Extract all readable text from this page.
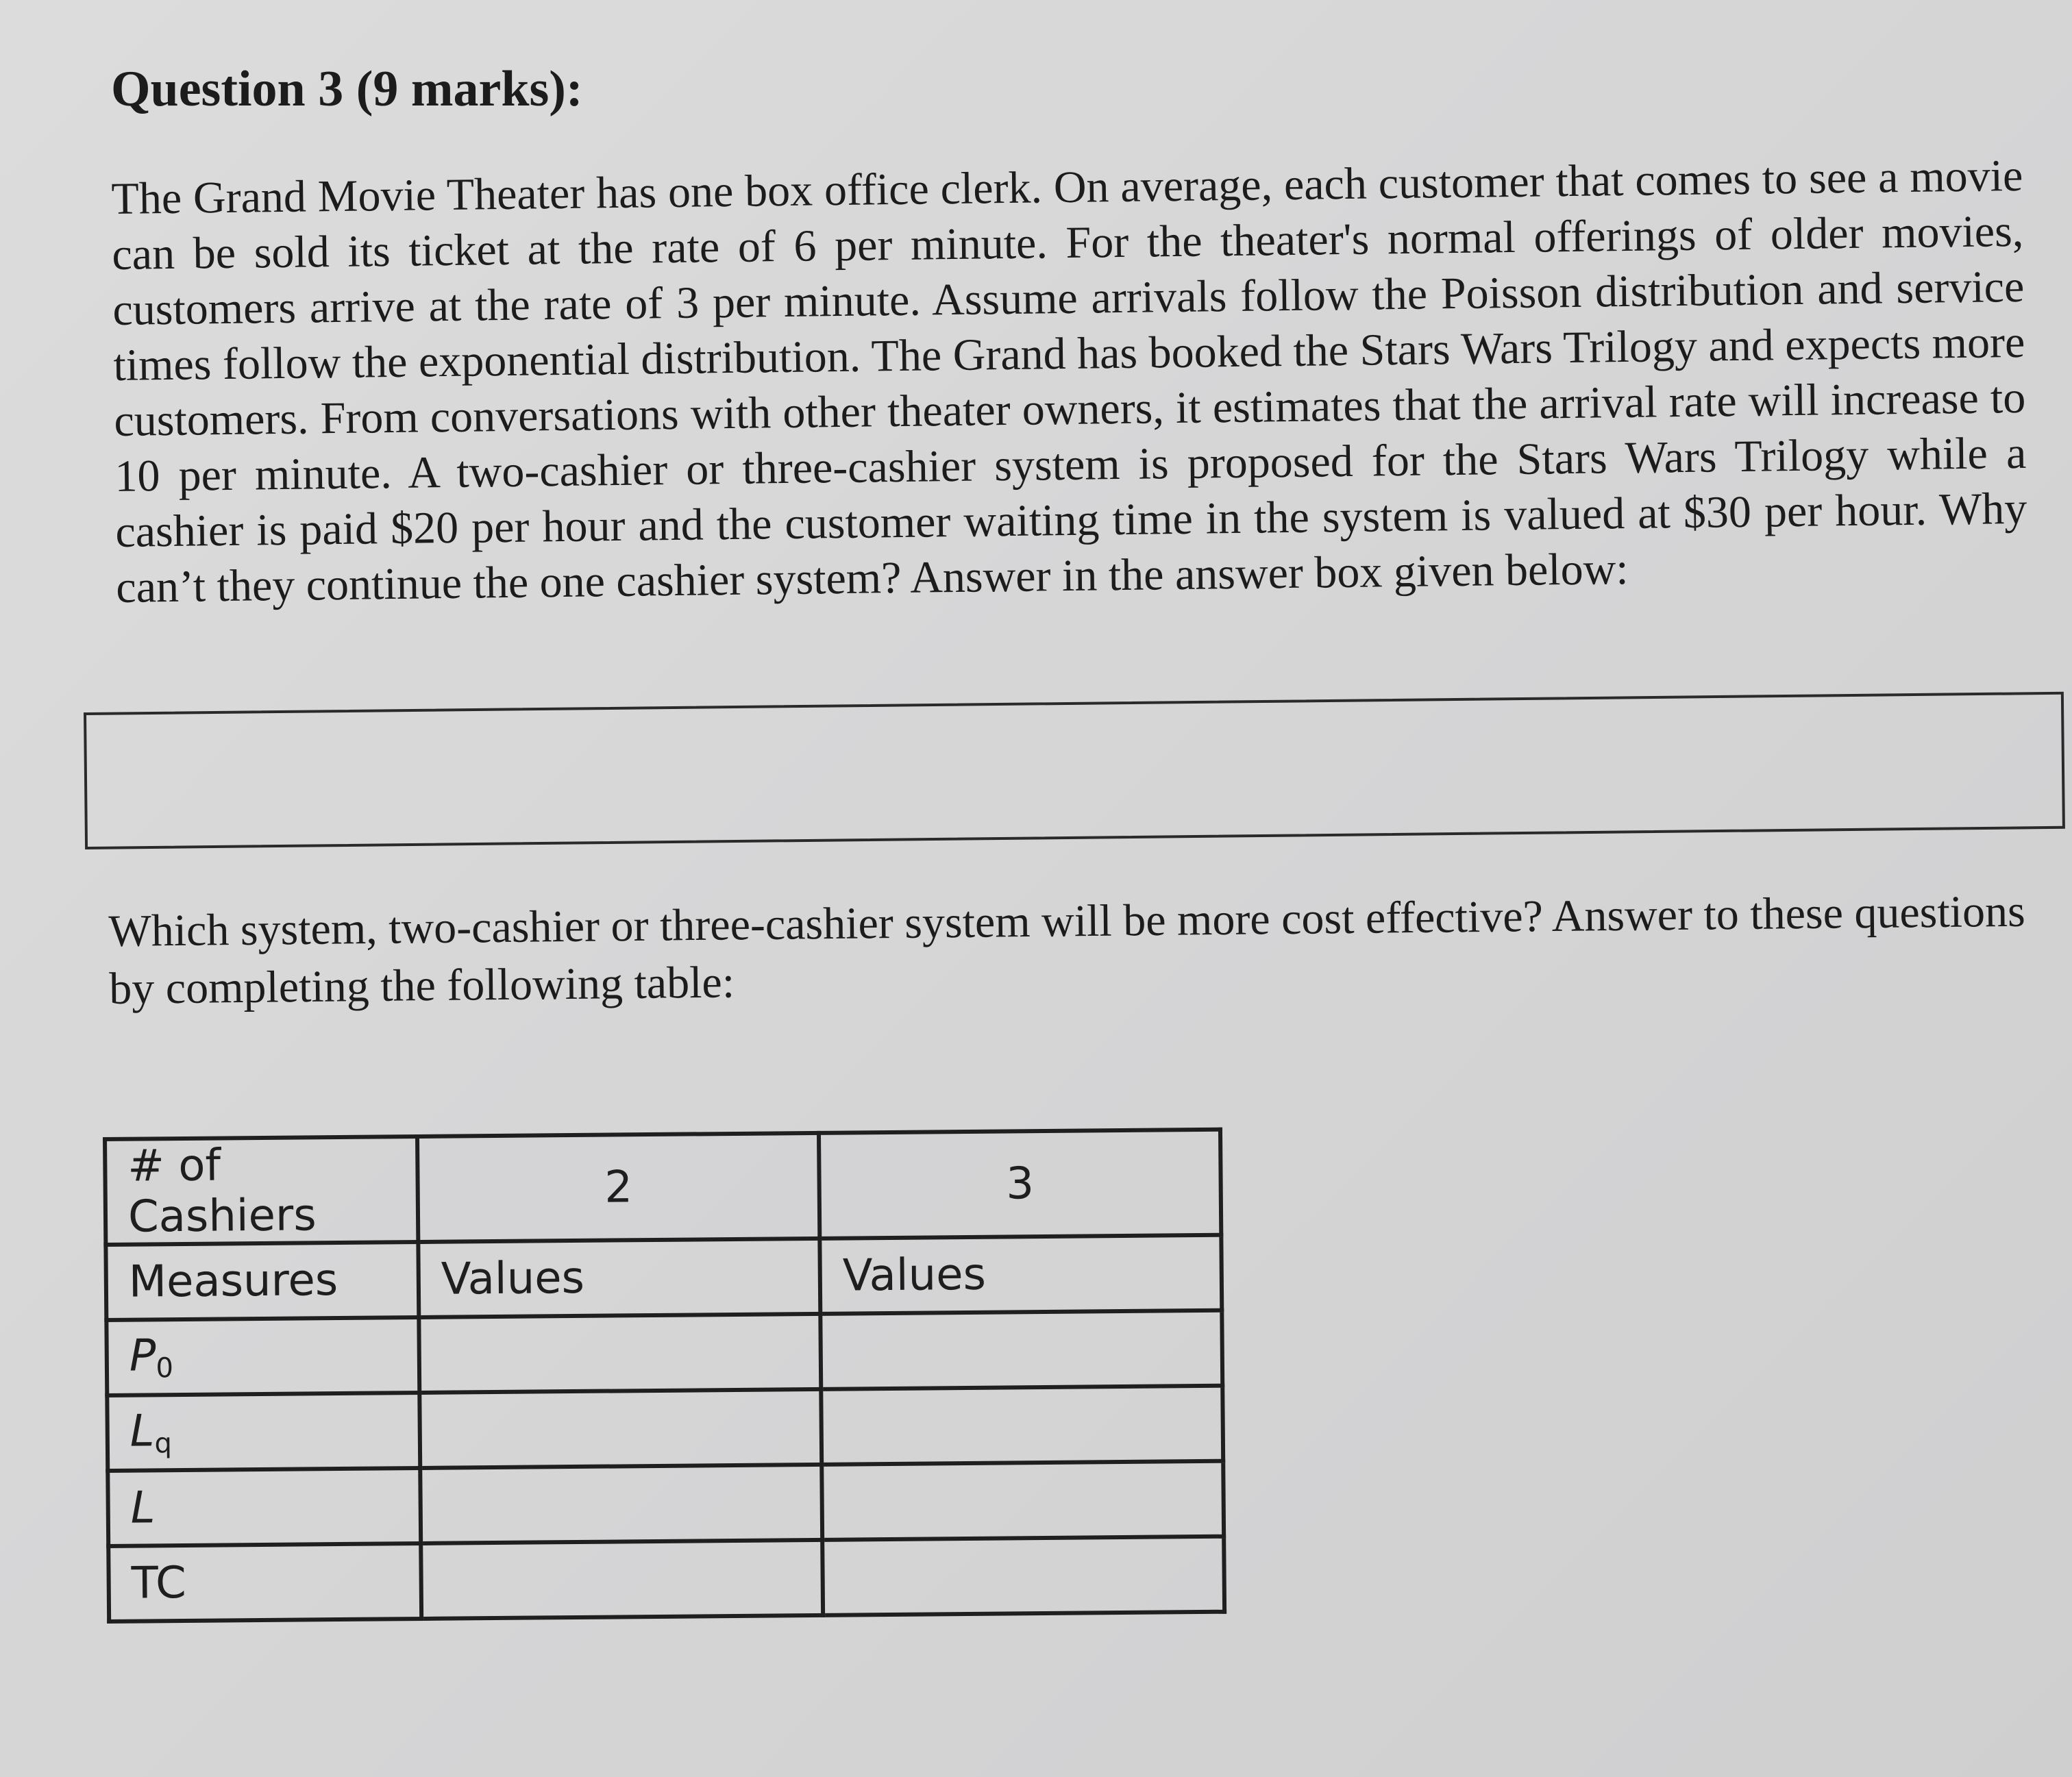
Question 3 (9 marks):

The Grand Movie Theater has one box office clerk. On average, each customer that comes to see a movie can be sold its ticket at the rate of 6 per minute. For the theater's normal offerings of older movies, customers arrive at the rate of 3 per minute. Assume arrivals follow the Poisson distribution and service times follow the exponential distribution. The Grand has booked the Stars Wars Trilogy and expects more customers. From conversations with other theater owners, it estimates that the arrival rate will increase to 10 per minute. A two-cashier or three-cashier system is proposed for the Stars Wars Trilogy while a cashier is paid $20 per hour and the customer waiting time in the system is valued at $30 per hour. Why can’t they continue the one cashier system? Answer in the answer box given below:

Which system, two-cashier or three-cashier system will be more cost effective? Answer to these questions by completing the following table:

# of Cashiers	2	3
Measures	Values	Values
$P_0$		
$L_q$		
L		
TC		
